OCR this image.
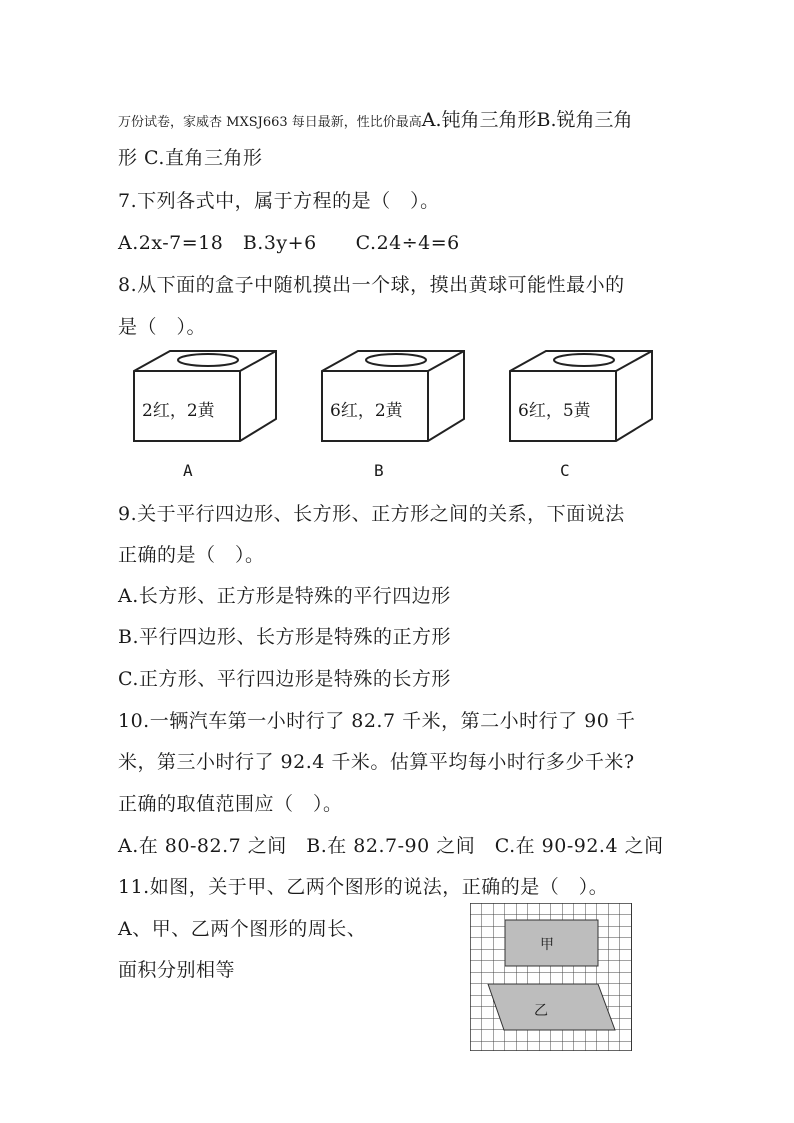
万份试卷，家威杏 MXSJ663 每日最新，性比价最高A.钝角三角形B.锐角三角
形 C.直角三角形
7.下列各式中，属于方程的是（　）。
A.2x-7=18　B.3y+6　　C.24÷4=6
8.从下面的盒子中随机摸出一个球，摸出黄球可能性最小的
是（　）。
2红，2黄	6红，2黄	6红，5黄
A	B	C
9.关于平行四边形、长方形、正方形之间的关系，下面说法
正确的是（　）。
A.长方形、正方形是特殊的平行四边形
B.平行四边形、长方形是特殊的正方形
C.正方形、平行四边形是特殊的长方形
10.一辆汽车第一小时行了 82.7 千米，第二小时行了 90 千
米，第三小时行了 92.4 千米。估算平均每小时行多少千米?
正确的取值范围应（　）。
A.在 80-82.7 之间　B.在 82.7-90 之间　C.在 90-92.4 之间
11.如图，关于甲、乙两个图形的说法，正确的是（　）。
A、甲、乙两个图形的周长、
面积分别相等
甲
乙
